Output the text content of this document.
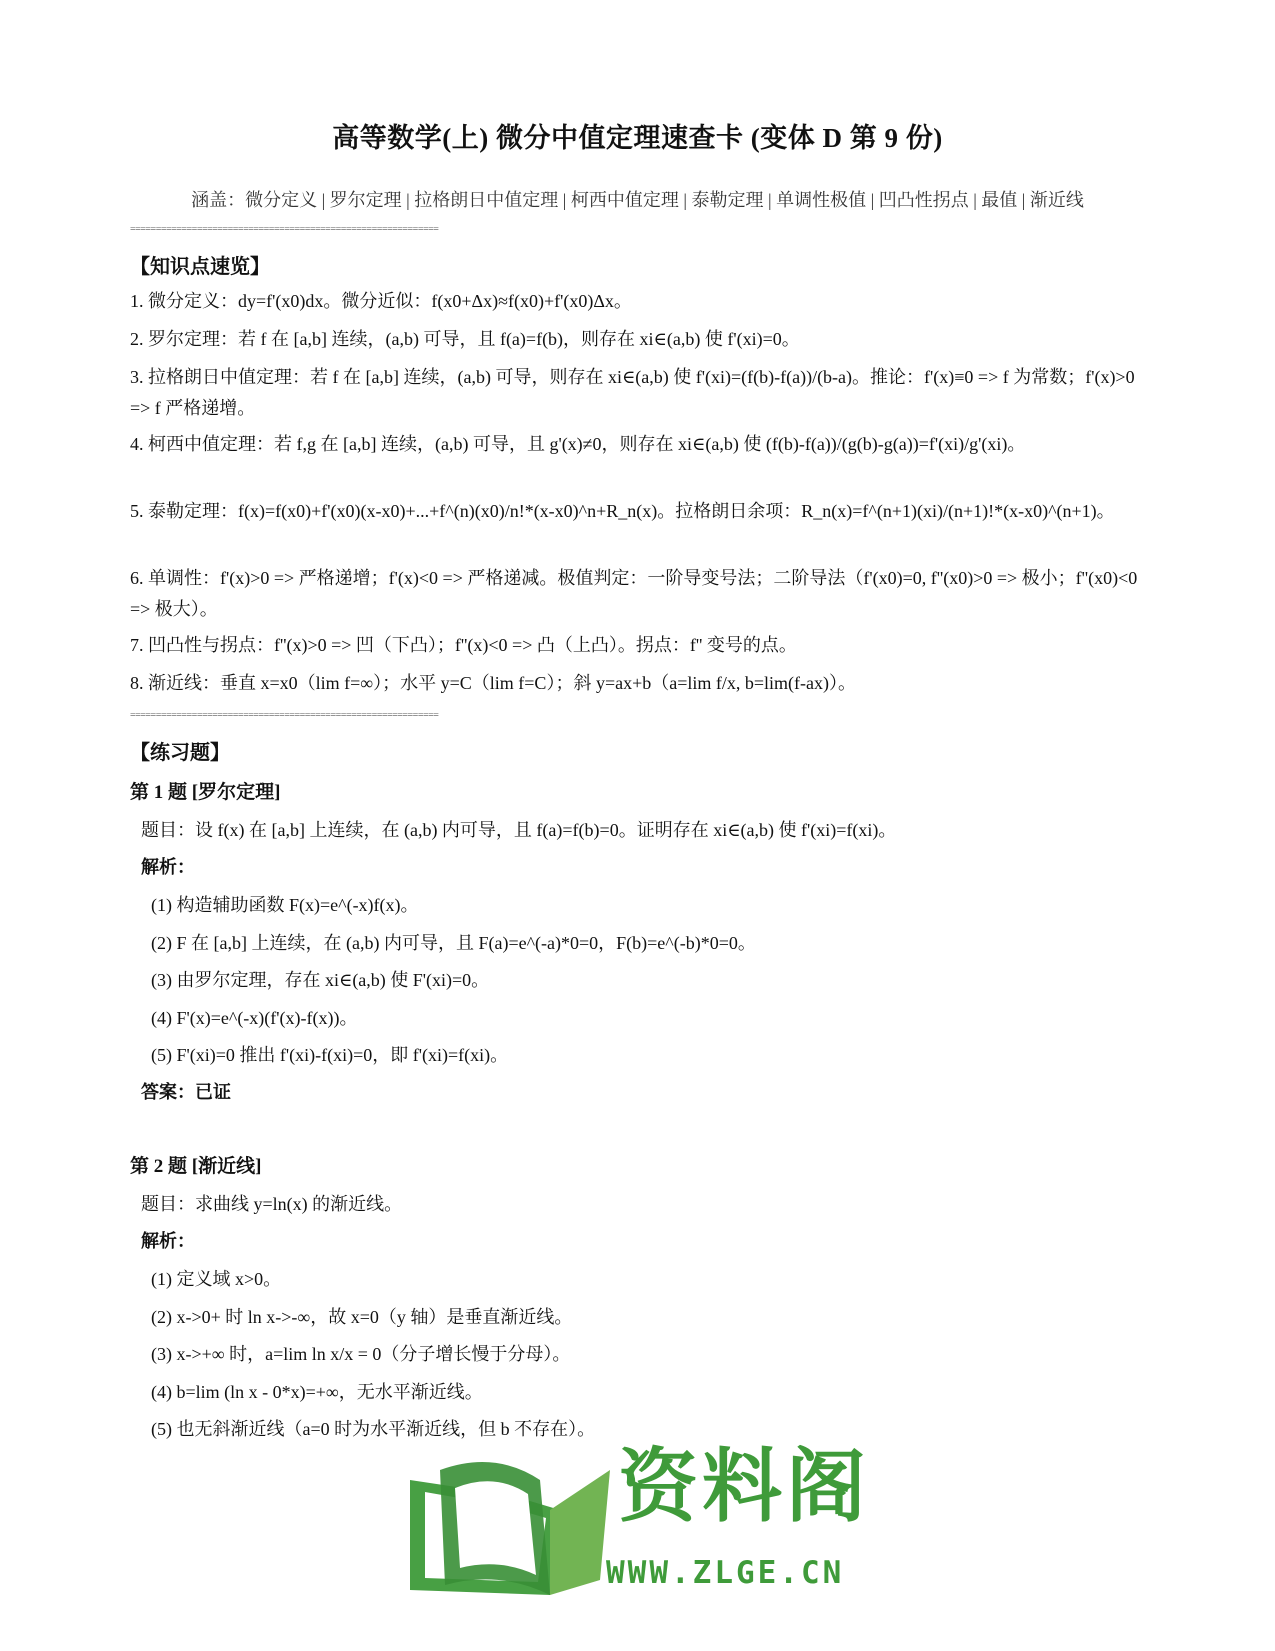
高等数学(上) 微分中值定理速查卡 (变体 D 第 9 份)
涵盖：微分定义 | 罗尔定理 | 拉格朗日中值定理 | 柯西中值定理 | 泰勒定理 | 单调性极值 | 凹凸性拐点 | 最值 | 渐近线
============================================================
【知识点速览】
1. 微分定义：dy=f'(x0)dx。微分近似：f(x0+Δx)≈f(x0)+f'(x0)Δx。
2. 罗尔定理：若 f 在 [a,b] 连续，(a,b) 可导，且 f(a)=f(b)，则存在 xi∈(a,b) 使 f'(xi)=0。
3. 拉格朗日中值定理：若 f 在 [a,b] 连续，(a,b) 可导，则存在 xi∈(a,b) 使 f'(xi)=(f(b)-f(a))/(b-a)。推论：f'(x)≡0 => f 为常数；f'(x)>0 => f 严格递增。
4. 柯西中值定理：若 f,g 在 [a,b] 连续，(a,b) 可导，且 g'(x)≠0，则存在 xi∈(a,b) 使 (f(b)-f(a))/(g(b)-g(a))=f'(xi)/g'(xi)。
5. 泰勒定理：f(x)=f(x0)+f'(x0)(x-x0)+...+f^(n)(x0)/n!*(x-x0)^n+R_n(x)。拉格朗日余项：R_n(x)=f^(n+1)(xi)/(n+1)!*(x-x0)^(n+1)。
6. 单调性：f'(x)>0 => 严格递增；f'(x)<0 => 严格递减。极值判定：一阶导变号法；二阶导法（f'(x0)=0, f''(x0)>0 => 极小；f''(x0)<0 => 极大）。
7. 凹凸性与拐点：f''(x)>0 => 凹（下凸）；f''(x)<0 => 凸（上凸）。拐点：f'' 变号的点。
8. 渐近线：垂直 x=x0（lim f=∞）；水平 y=C（lim f=C）；斜 y=ax+b（a=lim f/x, b=lim(f-ax)）。
============================================================
【练习题】
第 1 题 [罗尔定理]
题目：设 f(x) 在 [a,b] 上连续，在 (a,b) 内可导，且 f(a)=f(b)=0。证明存在 xi∈(a,b) 使 f'(xi)=f(xi)。
解析：
(1) 构造辅助函数 F(x)=e^(-x)f(x)。
(2) F 在 [a,b] 上连续，在 (a,b) 内可导，且 F(a)=e^(-a)*0=0，F(b)=e^(-b)*0=0。
(3) 由罗尔定理，存在 xi∈(a,b) 使 F'(xi)=0。
(4) F'(x)=e^(-x)(f'(x)-f(x))。
(5) F'(xi)=0 推出 f'(xi)-f(xi)=0，即 f'(xi)=f(xi)。
答案：已证
第 2 题 [渐近线]
题目：求曲线 y=ln(x) 的渐近线。
解析：
(1) 定义域 x>0。
(2) x->0+ 时 ln x->-∞，故 x=0（y 轴）是垂直渐近线。
(3) x->+∞ 时，a=lim ln x/x = 0（分子增长慢于分母）。
(4) b=lim (ln x - 0*x)=+∞，无水平渐近线。
(5) 也无斜渐近线（a=0 时为水平渐近线，但 b 不存在）。
资料阁
WWW.ZLGE.CN
